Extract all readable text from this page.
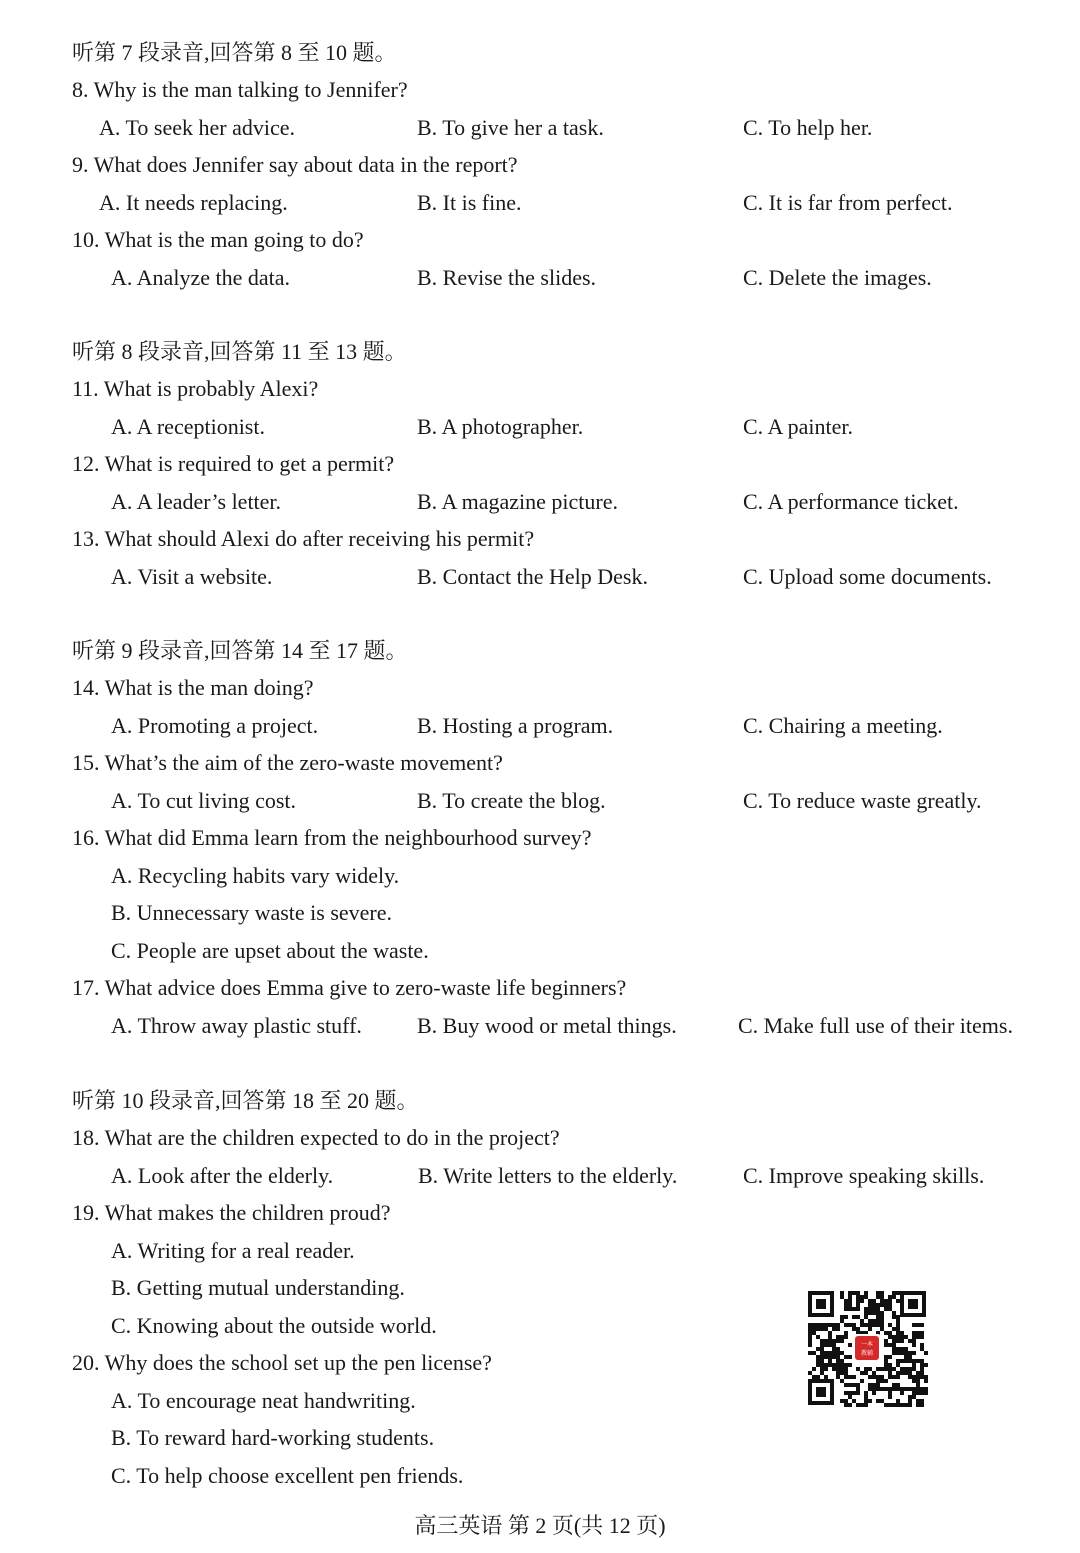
听第 7 段录音,回答第 8 至 10 题。
8. Why is the man talking to Jennifer?
A. To seek her advice.	B. To give her a task.	C. To help her.
9. What does Jennifer say about data in the report?
A. It needs replacing.	B. It is fine.	C. It is far from perfect.
10. What is the man going to do?
A. Analyze the data.	B. Revise the slides.	C. Delete the images.
听第 8 段录音,回答第 11 至 13 题。
11. What is probably Alexi?
A. A receptionist.	B. A photographer.	C. A painter.
12. What is required to get a permit?
A. A leader’s letter.	B. A magazine picture.	C. A performance ticket.
13. What should Alexi do after receiving his permit?
A. Visit a website.	B. Contact the Help Desk.	C. Upload some documents.
听第 9 段录音,回答第 14 至 17 题。
14. What is the man doing?
A. Promoting a project.	B. Hosting a program.	C. Chairing a meeting.
15. What’s the aim of the zero-waste movement?
A. To cut living cost.	B. To create the blog.	C. To reduce waste greatly.
16. What did Emma learn from the neighbourhood survey?
A. Recycling habits vary widely.
B. Unnecessary waste is severe.
C. People are upset about the waste.
17. What advice does Emma give to zero-waste life beginners?
A. Throw away plastic stuff.	B. Buy wood or metal things.	C. Make full use of their items.
听第 10 段录音,回答第 18 至 20 题。
18. What are the children expected to do in the project?
A. Look after the elderly.	B. Write letters to the elderly.	C. Improve speaking skills.
19. What makes the children proud?
A. Writing for a real reader.
B. Getting mutual understanding.
C. Knowing about the outside world.
20. Why does the school set up the pen license?
A. To encourage neat handwriting.
B. To reward hard-working students.
C. To help choose excellent pen friends.
一本
教辅
高三英语 第 2 页(共 12 页)
